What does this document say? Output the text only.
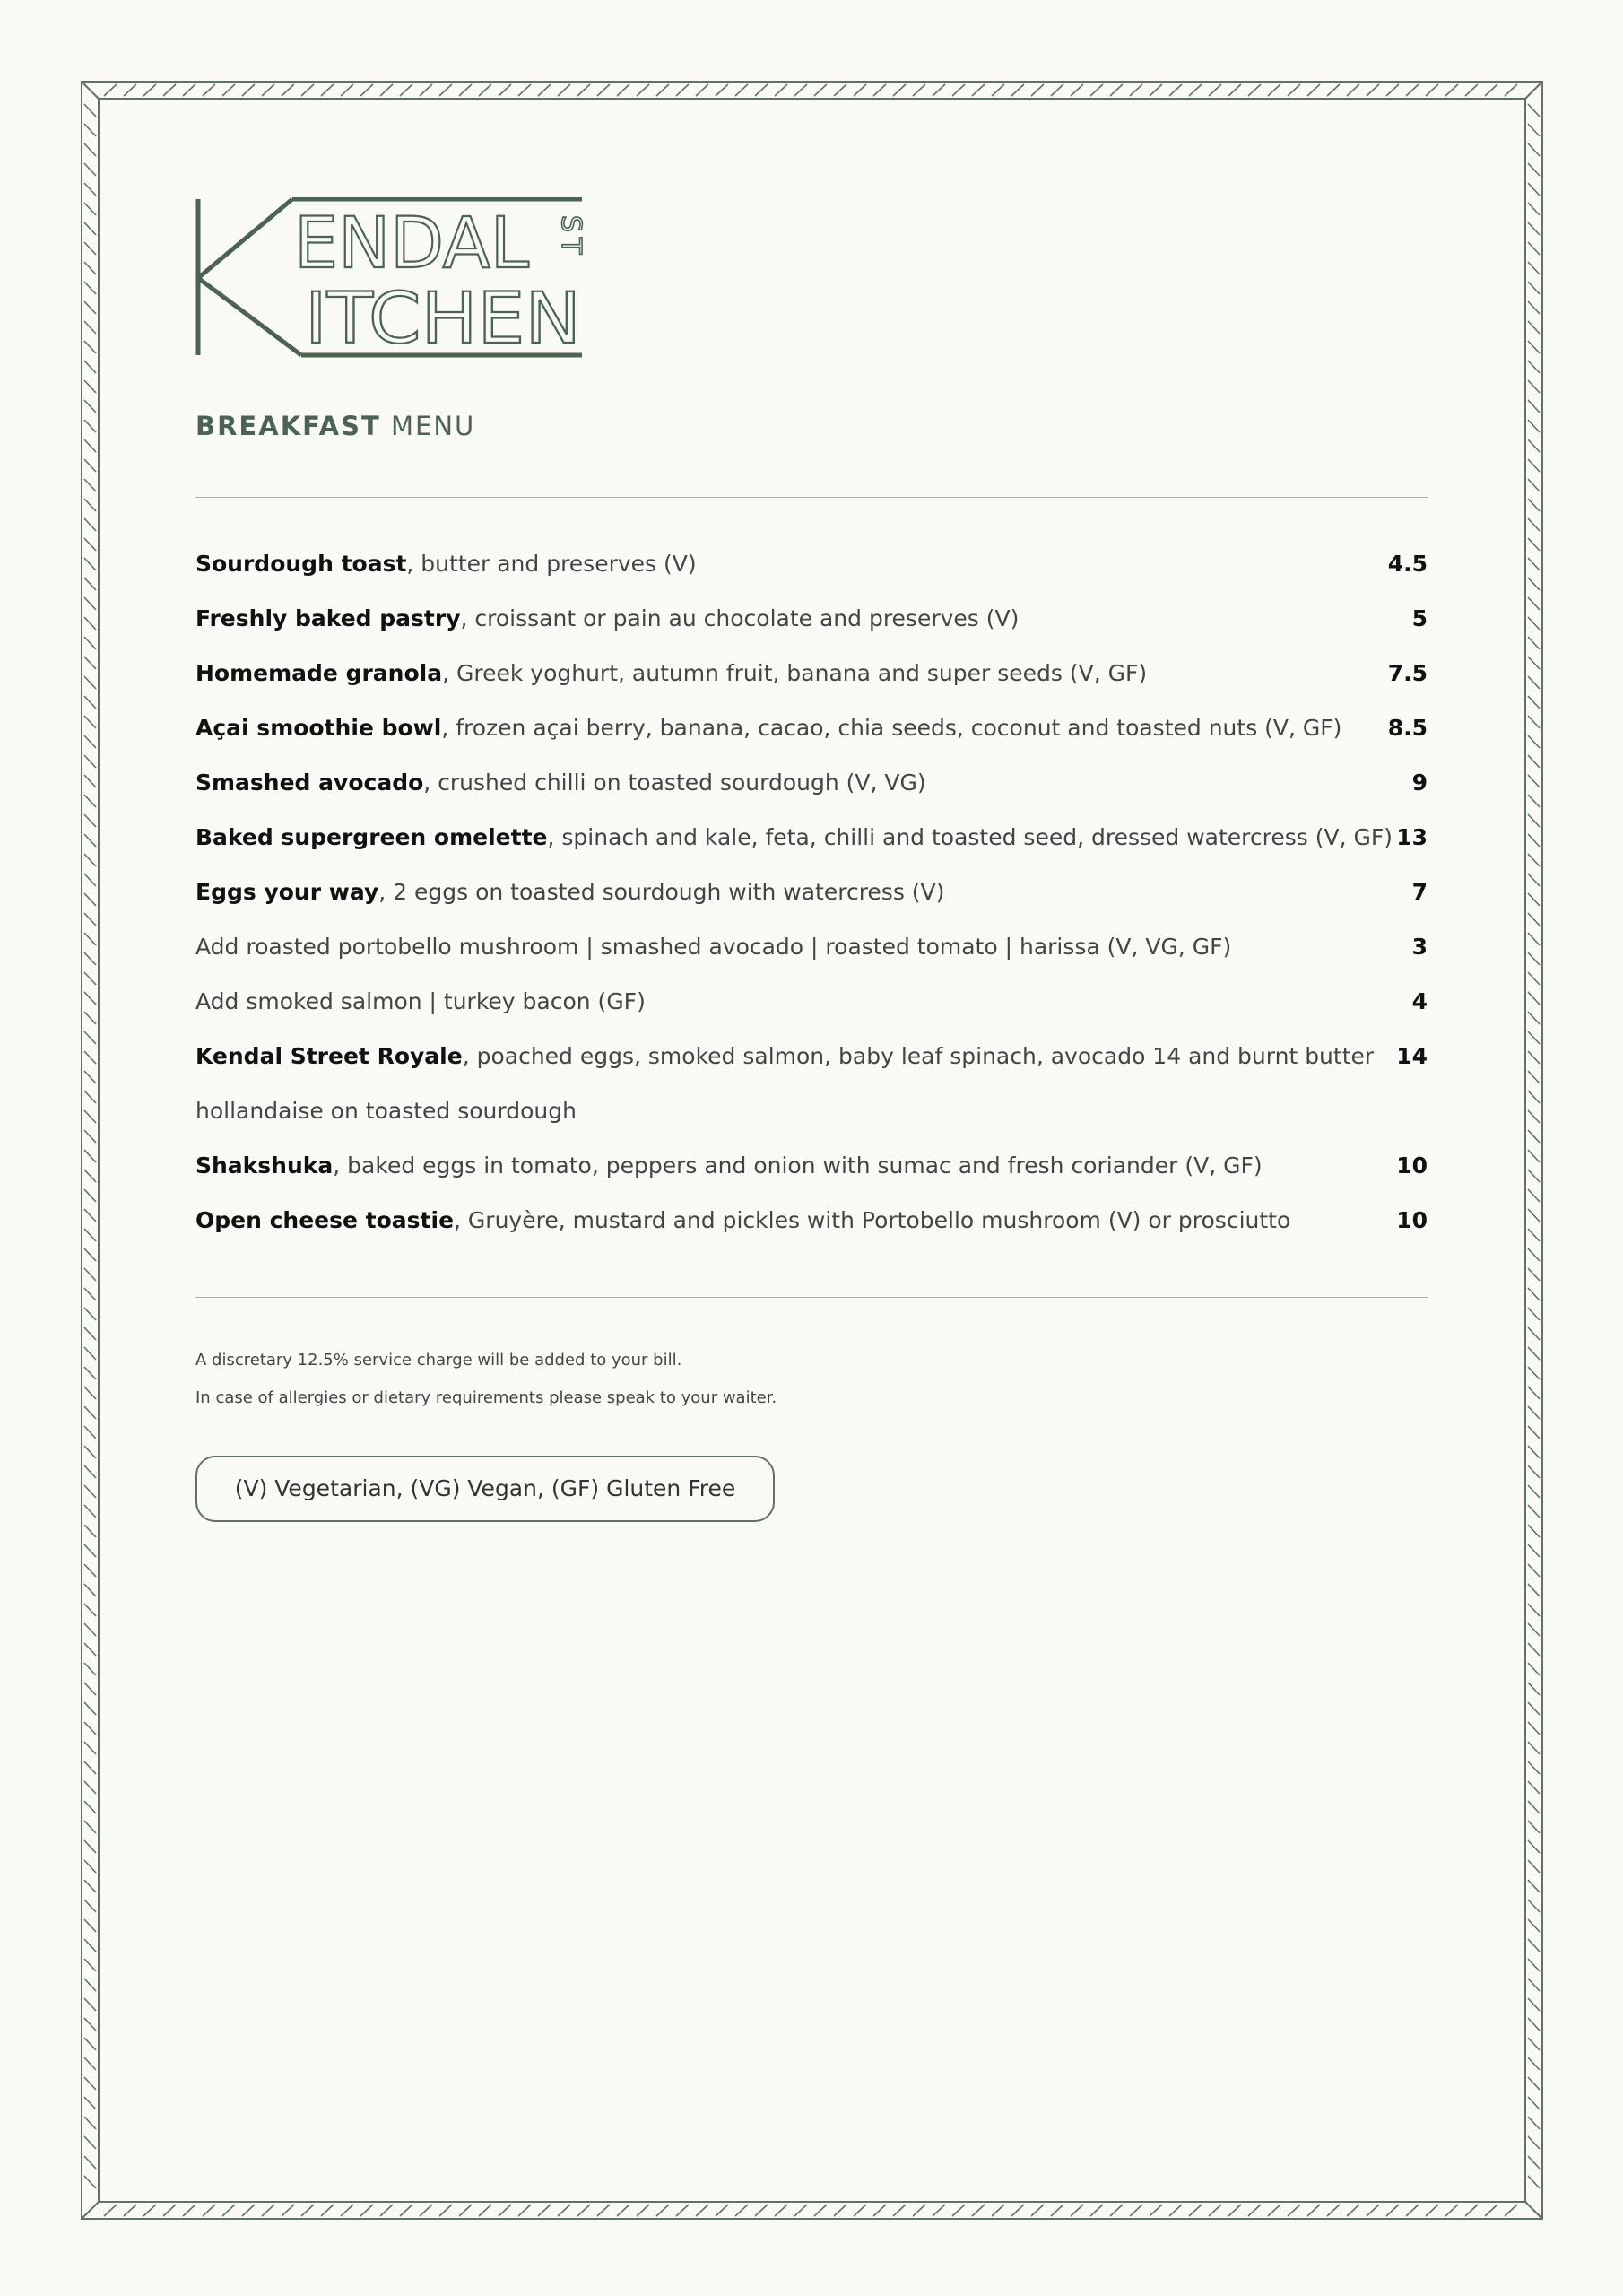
ENDAL
ITCHEN
ST
BREAKFAST MENU
Sourdough toast, butter and preserves (V)	4.5
Freshly baked pastry, croissant or pain au chocolate and preserves (V)	5
Homemade granola, Greek yoghurt, autumn fruit, banana and super seeds (V, GF)	7.5
Açai smoothie bowl, frozen açai berry, banana, cacao, chia seeds, coconut and toasted nuts (V, GF) 8.5
Smashed avocado, crushed chilli on toasted sourdough (V, VG)	9
Baked supergreen omelette, spinach and kale, feta, chilli and toasted seed, dressed watercress (V, GF) 13
Eggs your way, 2 eggs on toasted sourdough with watercress (V)	7
Add roasted portobello mushroom | smashed avocado | roasted tomato | harissa (V, VG, GF)	3
Add smoked salmon | turkey bacon (GF)	4
Kendal Street Royale, poached eggs, smoked salmon, baby leaf spinach, avocado 14 and burnt butter 14
hollandaise on toasted sourdough
Shakshuka, baked eggs in tomato, peppers and onion with sumac and fresh coriander (V, GF)	10
Open cheese toastie, Gruyère, mustard and pickles with Portobello mushroom (V) or prosciutto	10

A discretary 12.5% service charge will be added to your bill.

In case of allergies or dietary requirements please speak to your waiter.

(V) Vegetarian, (VG) Vegan, (GF) Gluten Free
